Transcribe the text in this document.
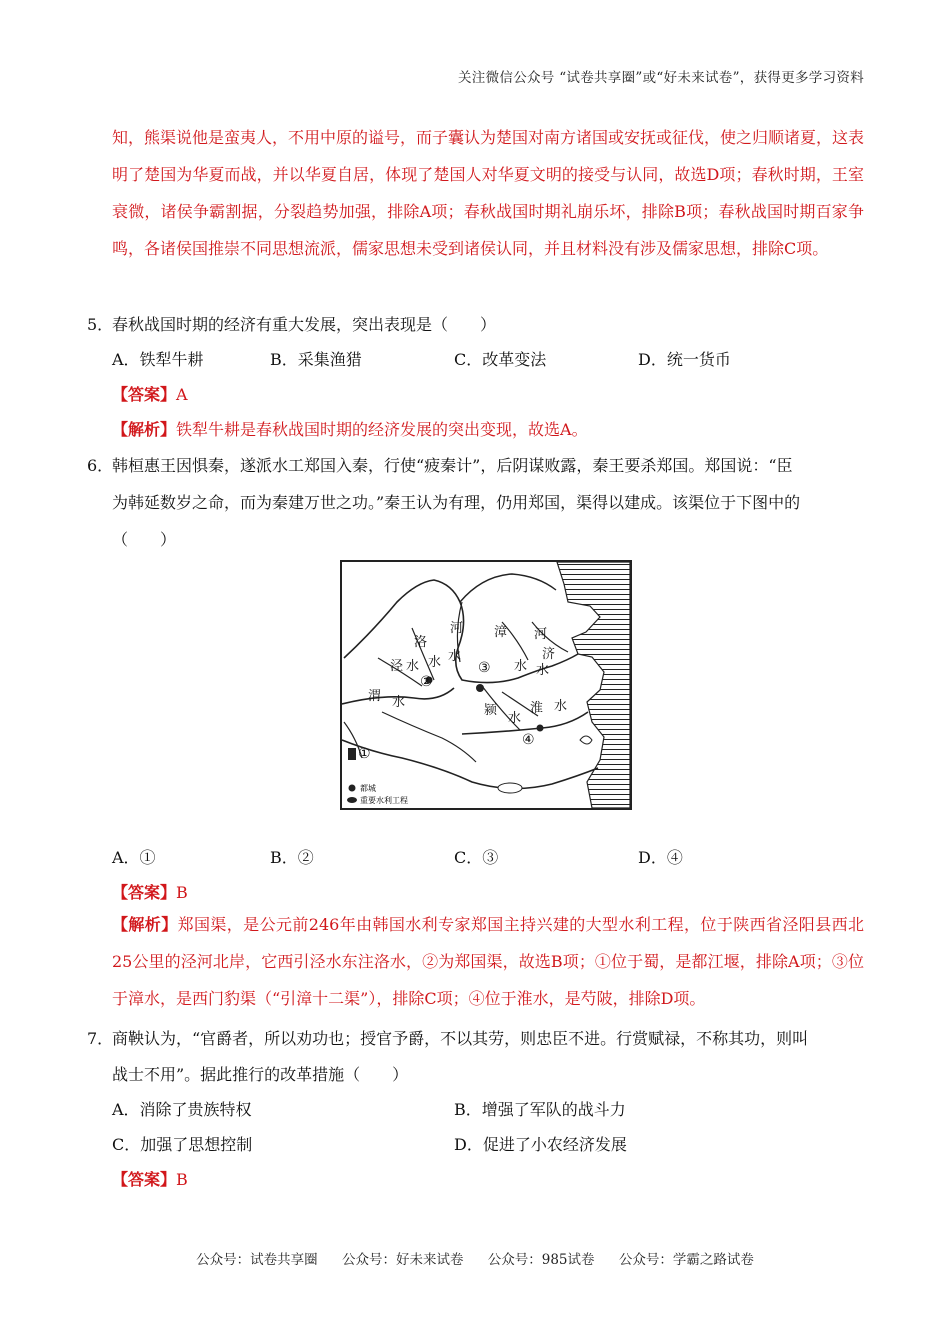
关注微信公众号 “试卷共享圈”或“好未来试卷”，获得更多学习资料
知，熊渠说他是蛮夷人，不用中原的谥号，而子囊认为楚国对南方诸国或安抚或征伐，使之归顺诸夏，这表明了楚国为华夏而战，并以华夏自居，体现了楚国人对华夏文明的接受与认同，故选D项；春秋时期，王室衰微，诸侯争霸割据，分裂趋势加强，排除A项；春秋战国时期礼崩乐坏，排除B项；春秋战国时期百家争鸣，各诸侯国推崇不同思想流派，儒家思想未受到诸侯认同，并且材料没有涉及儒家思想，排除C项。
5．
春秋战国时期的经济有重大发展，突出表现是（　　）
A．铁犁牛耕	B．采集渔猎	C．改革变法	D．统一货币
【答案】A
【解析】铁犁牛耕是春秋战国时期的经济发展的突出变现，故选A。
6．
韩桓惠王因惧秦，遂派水工郑国入秦，行使“疲秦计”，后阴谋败露，秦王要杀郑国。郑国说：“臣
为韩延数岁之命，而为秦建万世之功。”秦王认为有理，仍用郑国，渠得以建成。该渠位于下图中的
（　　）
都城
重要水利工程
洛
河 漳 河
济
泾 水 水 水
水 水
渭 水
颍
水
淮 水
①
②
③
④
A．①	B．②	C．③	D．④
【答案】B
【解析】郑国渠，是公元前246年由韩国水利专家郑国主持兴建的大型水利工程，位于陕西省泾阳县西北25公里的泾河北岸，它西引泾水东注洛水，②为郑国渠，故选B项；①位于蜀，是都江堰，排除A项；③位于漳水，是西门豹渠（“引漳十二渠”），排除C项；④位于淮水，是芍陂，排除D项。
7．
商鞅认为，“官爵者，所以劝功也；授官予爵，不以其劳，则忠臣不进。行赏赋禄，不称其功，则叫
战士不用”。据此推行的改革措施（　　）
A．消除了贵族特权	B．增强了军队的战斗力
C．加强了思想控制	D．促进了小农经济发展
【答案】B
公众号：试卷共享圈 公众号：好未来试卷 公众号：985试卷 公众号：学霸之路试卷
